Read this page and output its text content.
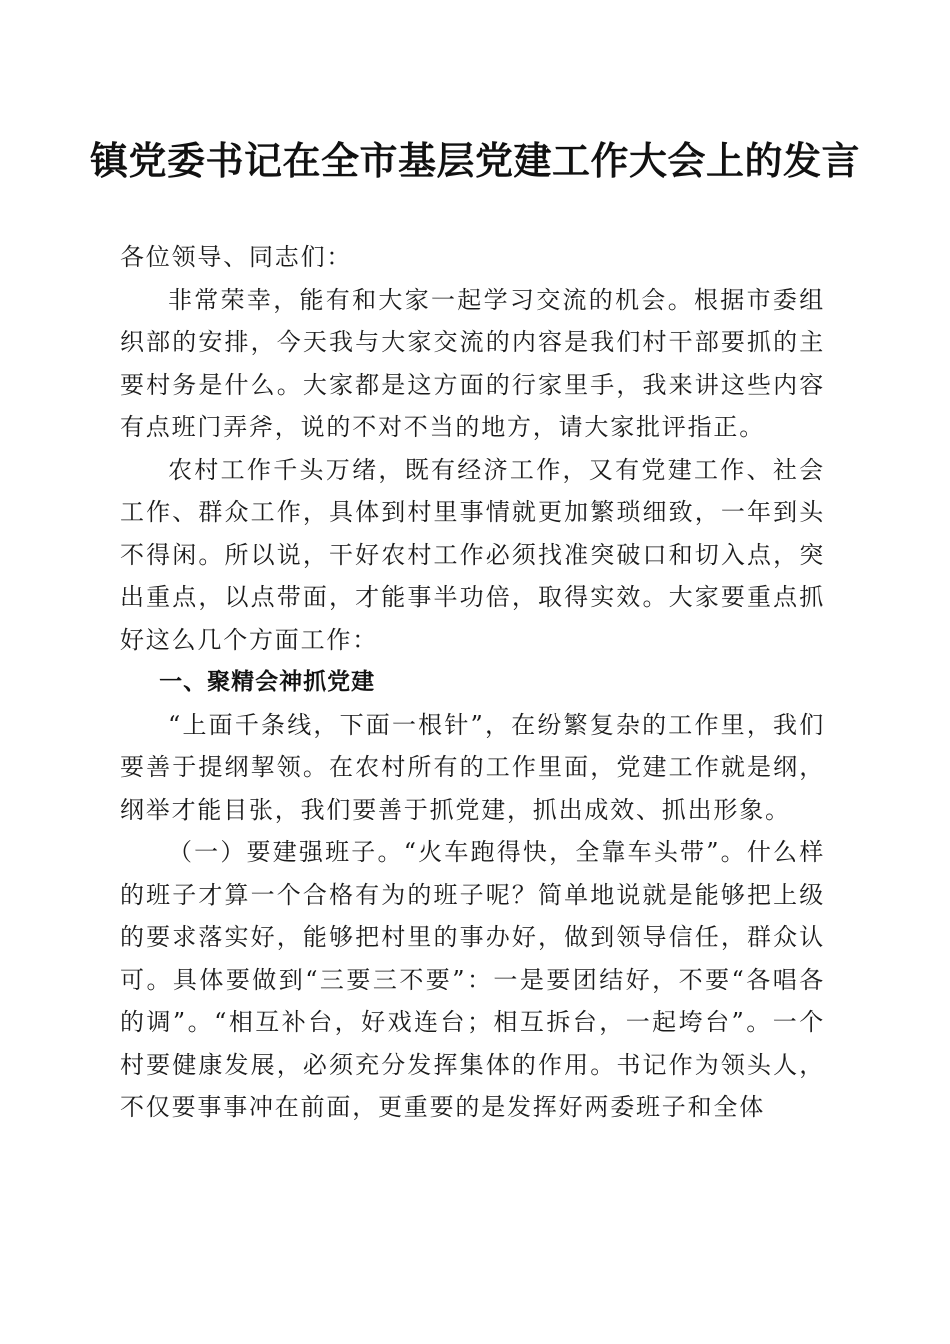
镇党委书记在全市基层党建工作大会上的发言

各位领导、同志们：

非常荣幸，能有和大家一起学习交流的机会。根据市委组织部的安排，今天我与大家交流的内容是我们村干部要抓的主要村务是什么。大家都是这方面的行家里手，我来讲这些内容有点班门弄斧，说的不对不当的地方，请大家批评指正。

农村工作千头万绪，既有经济工作，又有党建工作、社会工作、群众工作，具体到村里事情就更加繁琐细致，一年到头不得闲。所以说，干好农村工作必须找准突破口和切入点，突出重点，以点带面，才能事半功倍，取得实效。大家要重点抓好这么几个方面工作：

一、聚精会神抓党建

“上面千条线，下面一根针”，在纷繁复杂的工作里，我们要善于提纲挈领。在农村所有的工作里面，党建工作就是纲，纲举才能目张，我们要善于抓党建，抓出成效、抓出形象。

（一）要建强班子。“火车跑得快，全靠车头带”。什么样的班子才算一个合格有为的班子呢？简单地说就是能够把上级的要求落实好，能够把村里的事办好，做到领导信任，群众认可。具体要做到“三要三不要”：一是要团结好，不要“各唱各的调”。“相互补台，好戏连台；相互拆台，一起垮台”。一个村要健康发展，必须充分发挥集体的作用。书记作为领头人，不仅要事事冲在前面，更重要的是发挥好两委班子和全体
